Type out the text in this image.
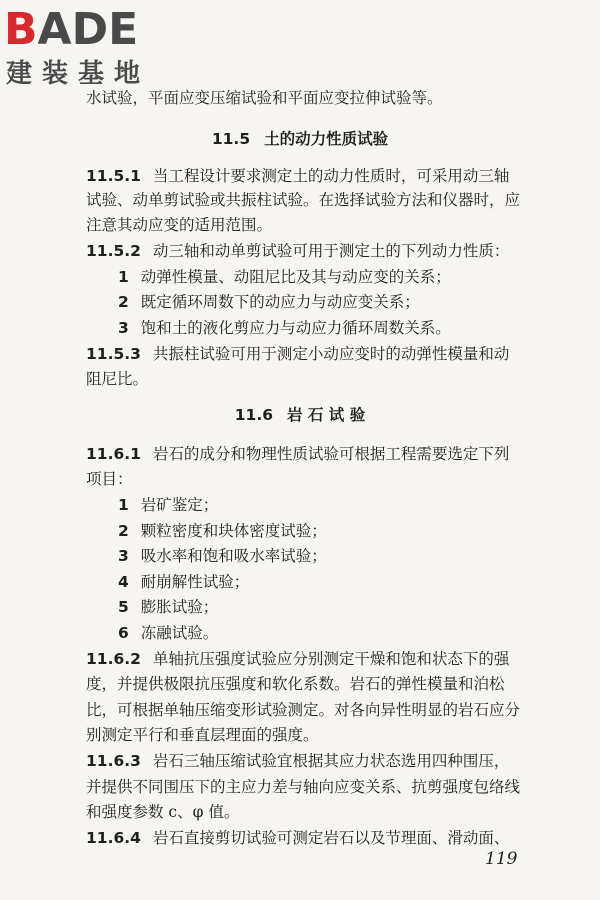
BADE
建装基地
水试验，平面应变压缩试验和平面应变拉伸试验等。
11.5 土的动力性质试验
11.5.1 当工程设计要求测定土的动力性质时，可采用动三轴
试验、动单剪试验或共振柱试验。在选择试验方法和仪器时，应
注意其动应变的适用范围。
11.5.2 动三轴和动单剪试验可用于测定土的下列动力性质：
1 动弹性模量、动阻尼比及其与动应变的关系；
2 既定循环周数下的动应力与动应变关系；
3 饱和土的液化剪应力与动应力循环周数关系。
11.5.3 共振柱试验可用于测定小动应变时的动弹性模量和动
阻尼比。
11.6 岩 石 试 验
11.6.1 岩石的成分和物理性质试验可根据工程需要选定下列
项目：
1 岩矿鉴定；
2 颗粒密度和块体密度试验；
3 吸水率和饱和吸水率试验；
4 耐崩解性试验；
5 膨胀试验；
6 冻融试验。
11.6.2 单轴抗压强度试验应分别测定干燥和饱和状态下的强
度，并提供极限抗压强度和软化系数。岩石的弹性模量和泊松
比，可根据单轴压缩变形试验测定。对各向异性明显的岩石应分
别测定平行和垂直层理面的强度。
11.6.3 岩石三轴压缩试验宜根据其应力状态选用四种围压，
并提供不同围压下的主应力差与轴向应变关系、抗剪强度包络线
和强度参数 c、φ 值。
11.6.4 岩石直接剪切试验可测定岩石以及节理面、滑动面、
119
